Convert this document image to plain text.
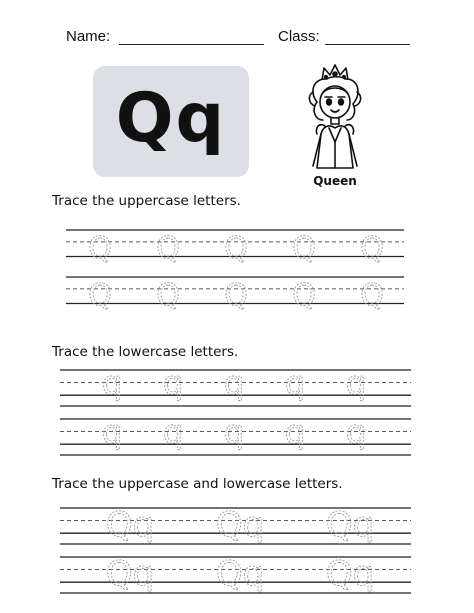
Name:	Class:
Qq
Queen
Trace the uppercase letters.
Q Q Q Q Q
Q Q Q Q Q
Trace the lowercase letters.
q q q q q
q q q q q
Trace the uppercase and lowercase letters.
Qq Qq Qq
Qq Qq Qq
